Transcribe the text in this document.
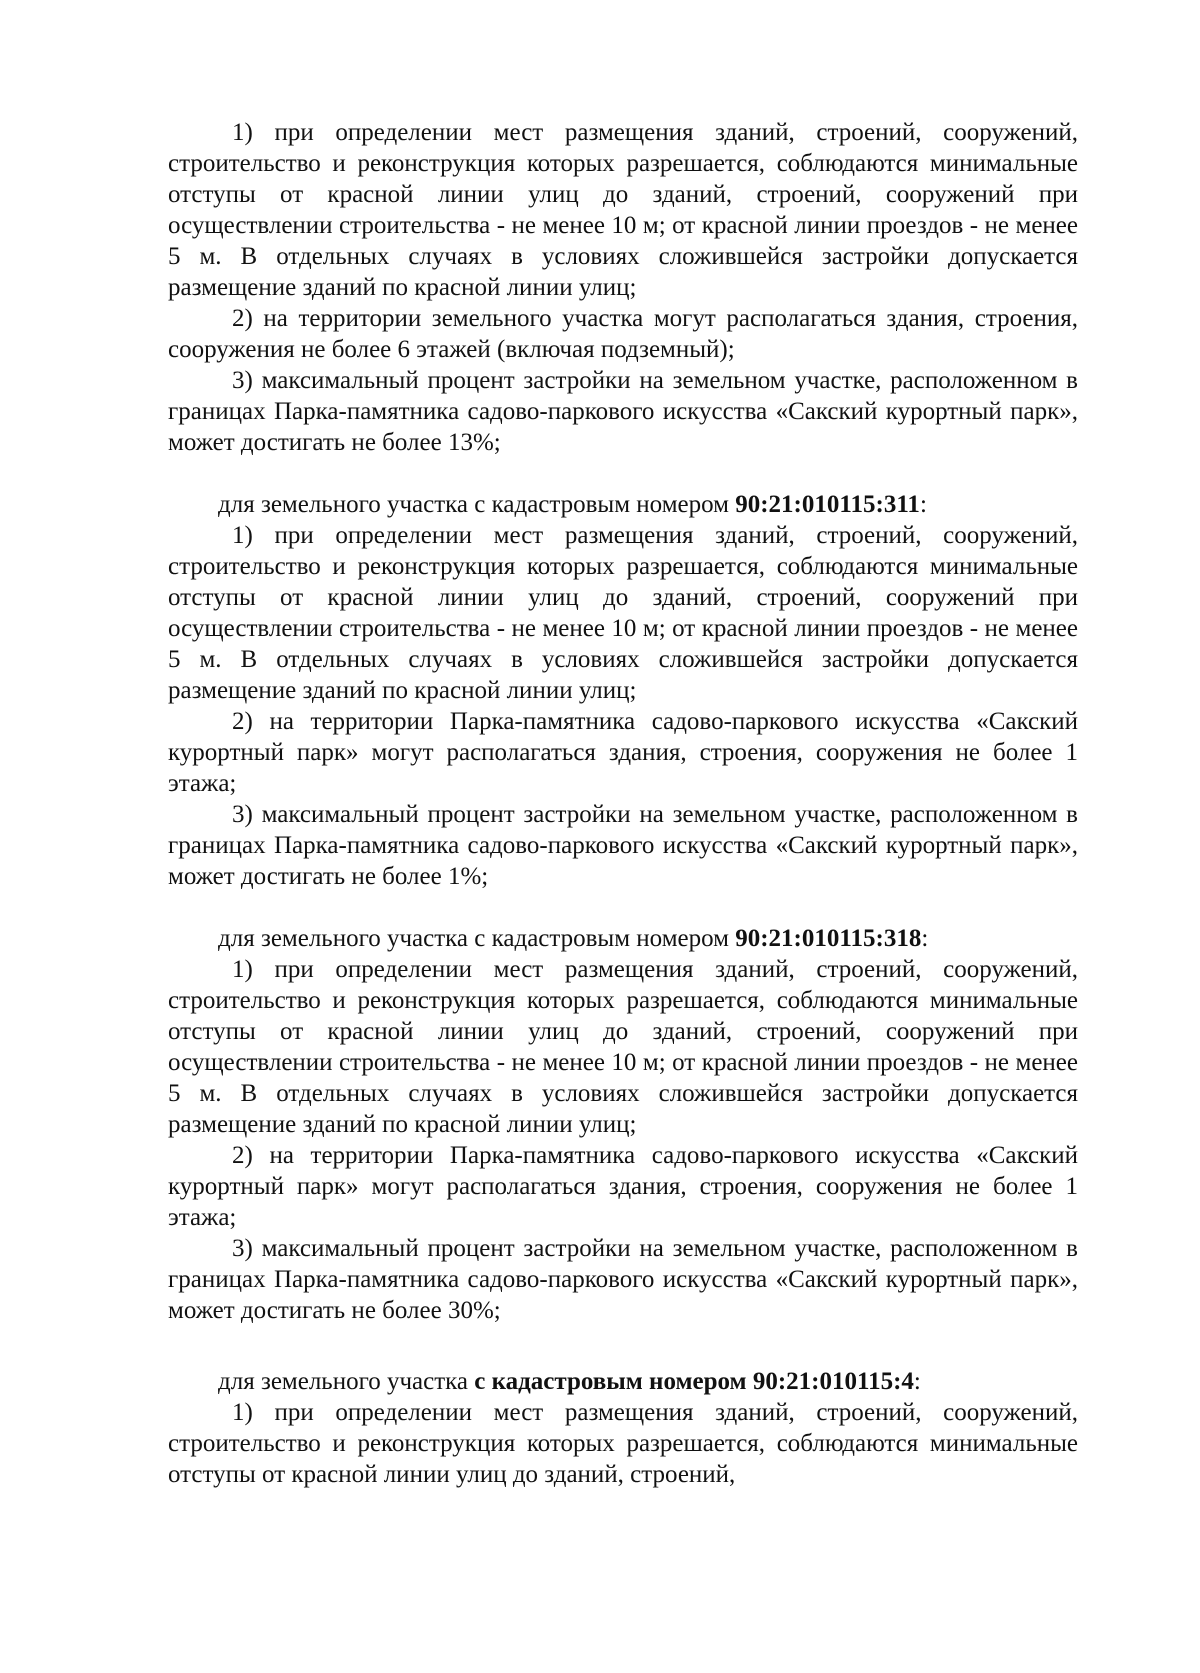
1) при определении мест размещения зданий, строений, сооружений, строительство и реконструкция которых разрешается, соблюдаются минимальные отступы от красной линии улиц до зданий, строений, сооружений при осуществлении строительства - не менее 10 м; от красной линии проездов - не менее 5 м. В отдельных случаях в условиях сложившейся застройки допускается размещение зданий по красной линии улиц;

2) на территории земельного участка могут располагаться здания, строения, сооружения не более 6 этажей (включая подземный);

3) максимальный процент застройки на земельном участке, расположенном в границах Парка-памятника садово-паркового искусства «Сакский курортный парк», может достигать не более 13%;

для земельного участка с кадастровым номером 90:21:010115:311:

1) при определении мест размещения зданий, строений, сооружений, строительство и реконструкция которых разрешается, соблюдаются минимальные отступы от красной линии улиц до зданий, строений, сооружений при осуществлении строительства - не менее 10 м; от красной линии проездов - не менее 5 м. В отдельных случаях в условиях сложившейся застройки допускается размещение зданий по красной линии улиц;

2) на территории Парка-памятника садово-паркового искусства «Сакский курортный парк» могут располагаться здания, строения, сооружения не более 1 этажа;

3) максимальный процент застройки на земельном участке, расположенном в границах Парка-памятника садово-паркового искусства «Сакский курортный парк», может достигать не более 1%;

для земельного участка с кадастровым номером 90:21:010115:318:

1) при определении мест размещения зданий, строений, сооружений, строительство и реконструкция которых разрешается, соблюдаются минимальные отступы от красной линии улиц до зданий, строений, сооружений при осуществлении строительства - не менее 10 м; от красной линии проездов - не менее 5 м. В отдельных случаях в условиях сложившейся застройки допускается размещение зданий по красной линии улиц;

2) на территории Парка-памятника садово-паркового искусства «Сакский курортный парк» могут располагаться здания, строения, сооружения не более 1 этажа;

3) максимальный процент застройки на земельном участке, расположенном в границах Парка-памятника садово-паркового искусства «Сакский курортный парк», может достигать не более 30%;

для земельного участка с кадастровым номером 90:21:010115:4:

1) при определении мест размещения зданий, строений, сооружений, строительство и реконструкция которых разрешается, соблюдаются минимальные отступы от красной линии улиц до зданий, строений,
